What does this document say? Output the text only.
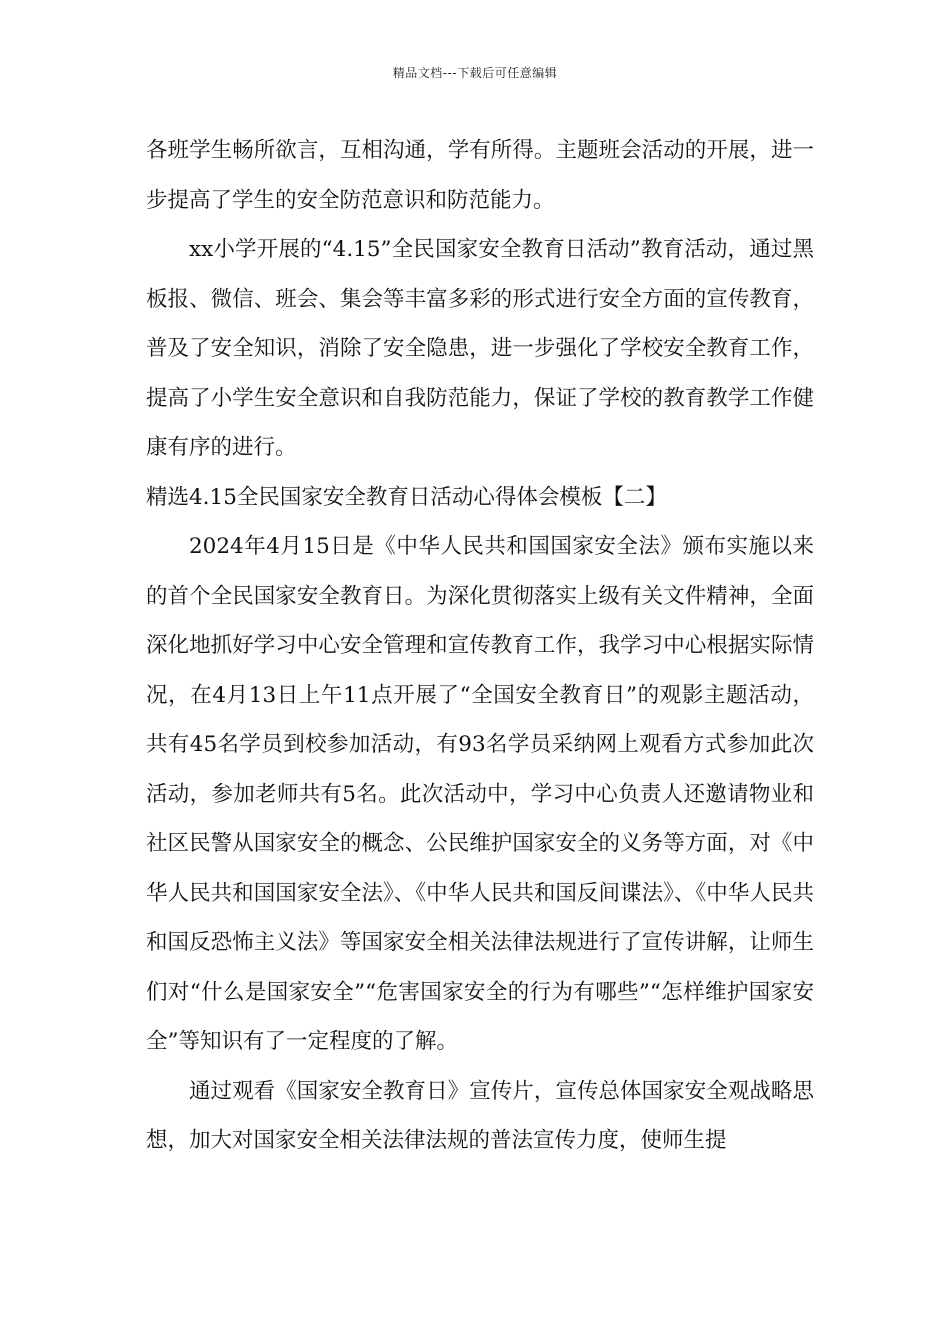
精品文档---下载后可任意编辑

各班学生畅所欲言，互相沟通，学有所得。主题班会活动的开展，进一步提高了学生的安全防范意识和防范能力。

xx小学开展的“4.15”全民国家安全教育日活动”教育活动，通过黑板报、微信、班会、集会等丰富多彩的形式进行安全方面的宣传教育，普及了安全知识，消除了安全隐患，进一步强化了学校安全教育工作，提高了小学生安全意识和自我防范能力，保证了学校的教育教学工作健康有序的进行。

精选4.15全民国家安全教育日活动心得体会模板【二】

2024年4月15日是《中华人民共和国国家安全法》颁布实施以来的首个全民国家安全教育日。为深化贯彻落实上级有关文件精神，全面深化地抓好学习中心安全管理和宣传教育工作，我学习中心根据实际情况，在4月13日上午11点开展了“全国安全教育日”的观影主题活动，共有45名学员到校参加活动，有93名学员采纳网上观看方式参加此次活动，参加老师共有5名。此次活动中，学习中心负责人还邀请物业和社区民警从国家安全的概念、公民维护国家安全的义务等方面，对《中华人民共和国国家安全法》、《中华人民共和国反间谍法》、《中华人民共和国反恐怖主义法》等国家安全相关法律法规进行了宣传讲解，让师生们对“什么是国家安全”“危害国家安全的行为有哪些”“怎样维护国家安全”等知识有了一定程度的了解。

通过观看《国家安全教育日》宣传片，宣传总体国家安全观战略思想，加大对国家安全相关法律法规的普法宣传力度，使师生提
